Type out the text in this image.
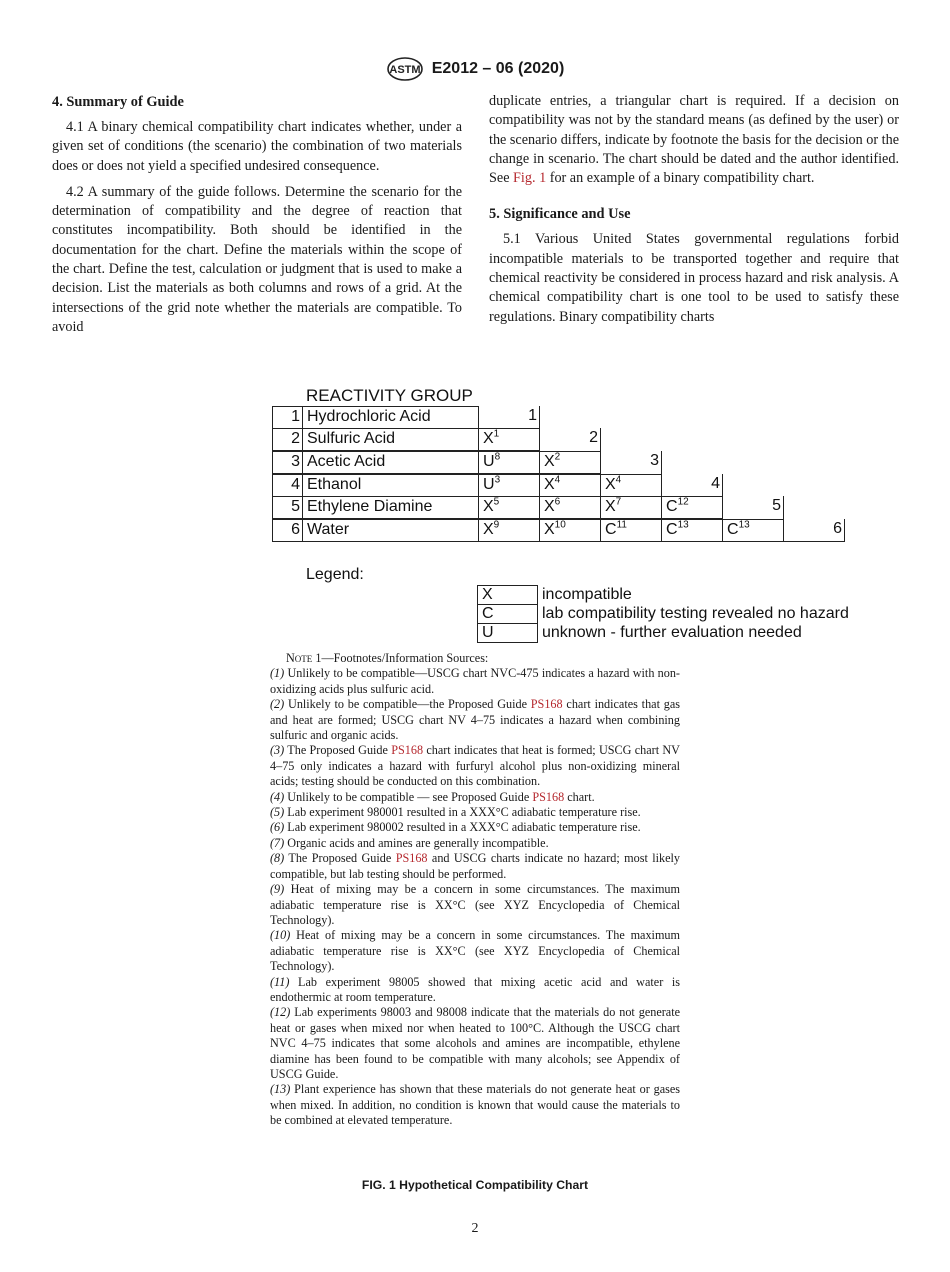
ASTM E2012 – 06 (2020)
4. Summary of Guide

4.1 A binary chemical compatibility chart indicates whether, under a given set of conditions (the scenario) the combination of two materials does or does not yield a specified undesired consequence.

4.2 A summary of the guide follows. Determine the scenario for the determination of compatibility and the degree of reaction that constitutes incompatibility. Both should be identified in the documentation for the chart. Define the materials within the scope of the chart. Define the test, calculation or judgment that is used to make a decision. List the materials as both columns and rows of a grid. At the intersections of the grid note whether the materials are compatible. To avoid

duplicate entries, a triangular chart is required. If a decision on compatibility was not by the standard means (as defined by the user) or the scenario differs, indicate by footnote the basis for the decision or the change in scenario. The chart should be dated and the author identified. See Fig. 1 for an example of a binary compatibility chart.

5. Significance and Use

5.1 Various United States governmental regulations forbid incompatible materials to be transported together and require that chemical reactivity be considered in process hazard and risk analysis. A chemical compatibility chart is one tool to be used to satisfy these regulations. Binary compatibility charts

REACTIVITY GROUP
1 Hydrochloric Acid	1
2 Sulfuric Acid	$X^1$	2
3 Acetic Acid	$U^8$	$X^2$	3
4 Ethanol	$U^3$	$X^4$	$X^4$	4
5 Ethylene Diamine	$X^5$	$X^6$	$X^7$	$C^{12}$	5
6 Water	$X^9$	$X^{10}$	$C^{11}$	$C^{13}$	$C^{13}$	6
Legend:
X	incompatible
C	lab compatibility testing revealed no hazard
U	unknown - further evaluation needed

Note 1—Footnotes/Information Sources:

(1) Unlikely to be compatible—USCG chart NVC-475 indicates a hazard with non-oxidizing acids plus sulfuric acid.

(2) Unlikely to be compatible—the Proposed Guide PS168 chart indicates that gas and heat are formed; USCG chart NV 4–75 indicates a hazard when combining sulfuric and organic acids.

(3) The Proposed Guide PS168 chart indicates that heat is formed; USCG chart NV 4–75 only indicates a hazard with furfuryl alcohol plus non-oxidizing mineral acids; testing should be conducted on this combination.

(4) Unlikely to be compatible — see Proposed Guide PS168 chart.

(5) Lab experiment 980001 resulted in a XXX°C adiabatic temperature rise.

(6) Lab experiment 980002 resulted in a XXX°C adiabatic temperature rise.

(7) Organic acids and amines are generally incompatible.

(8) The Proposed Guide PS168 and USCG charts indicate no hazard; most likely compatible, but lab testing should be performed.

(9) Heat of mixing may be a concern in some circumstances. The maximum adiabatic temperature rise is XX°C (see XYZ Encyclopedia of Chemical Technology).

(10) Heat of mixing may be a concern in some circumstances. The maximum adiabatic temperature rise is XX°C (see XYZ Encyclopedia of Chemical Technology).

(11) Lab experiment 98005 showed that mixing acetic acid and water is endothermic at room temperature.

(12) Lab experiments 98003 and 98008 indicate that the materials do not generate heat or gases when mixed nor when heated to 100°C. Although the USCG chart NVC 4–75 indicates that some alcohols and amines are incompatible, ethylene diamine has been found to be compatible with many alcohols; see Appendix of USCG Guide.

(13) Plant experience has shown that these materials do not generate heat or gases when mixed. In addition, no condition is known that would cause the materials to be combined at elevated temperature.

FIG. 1 Hypothetical Compatibility Chart
2
